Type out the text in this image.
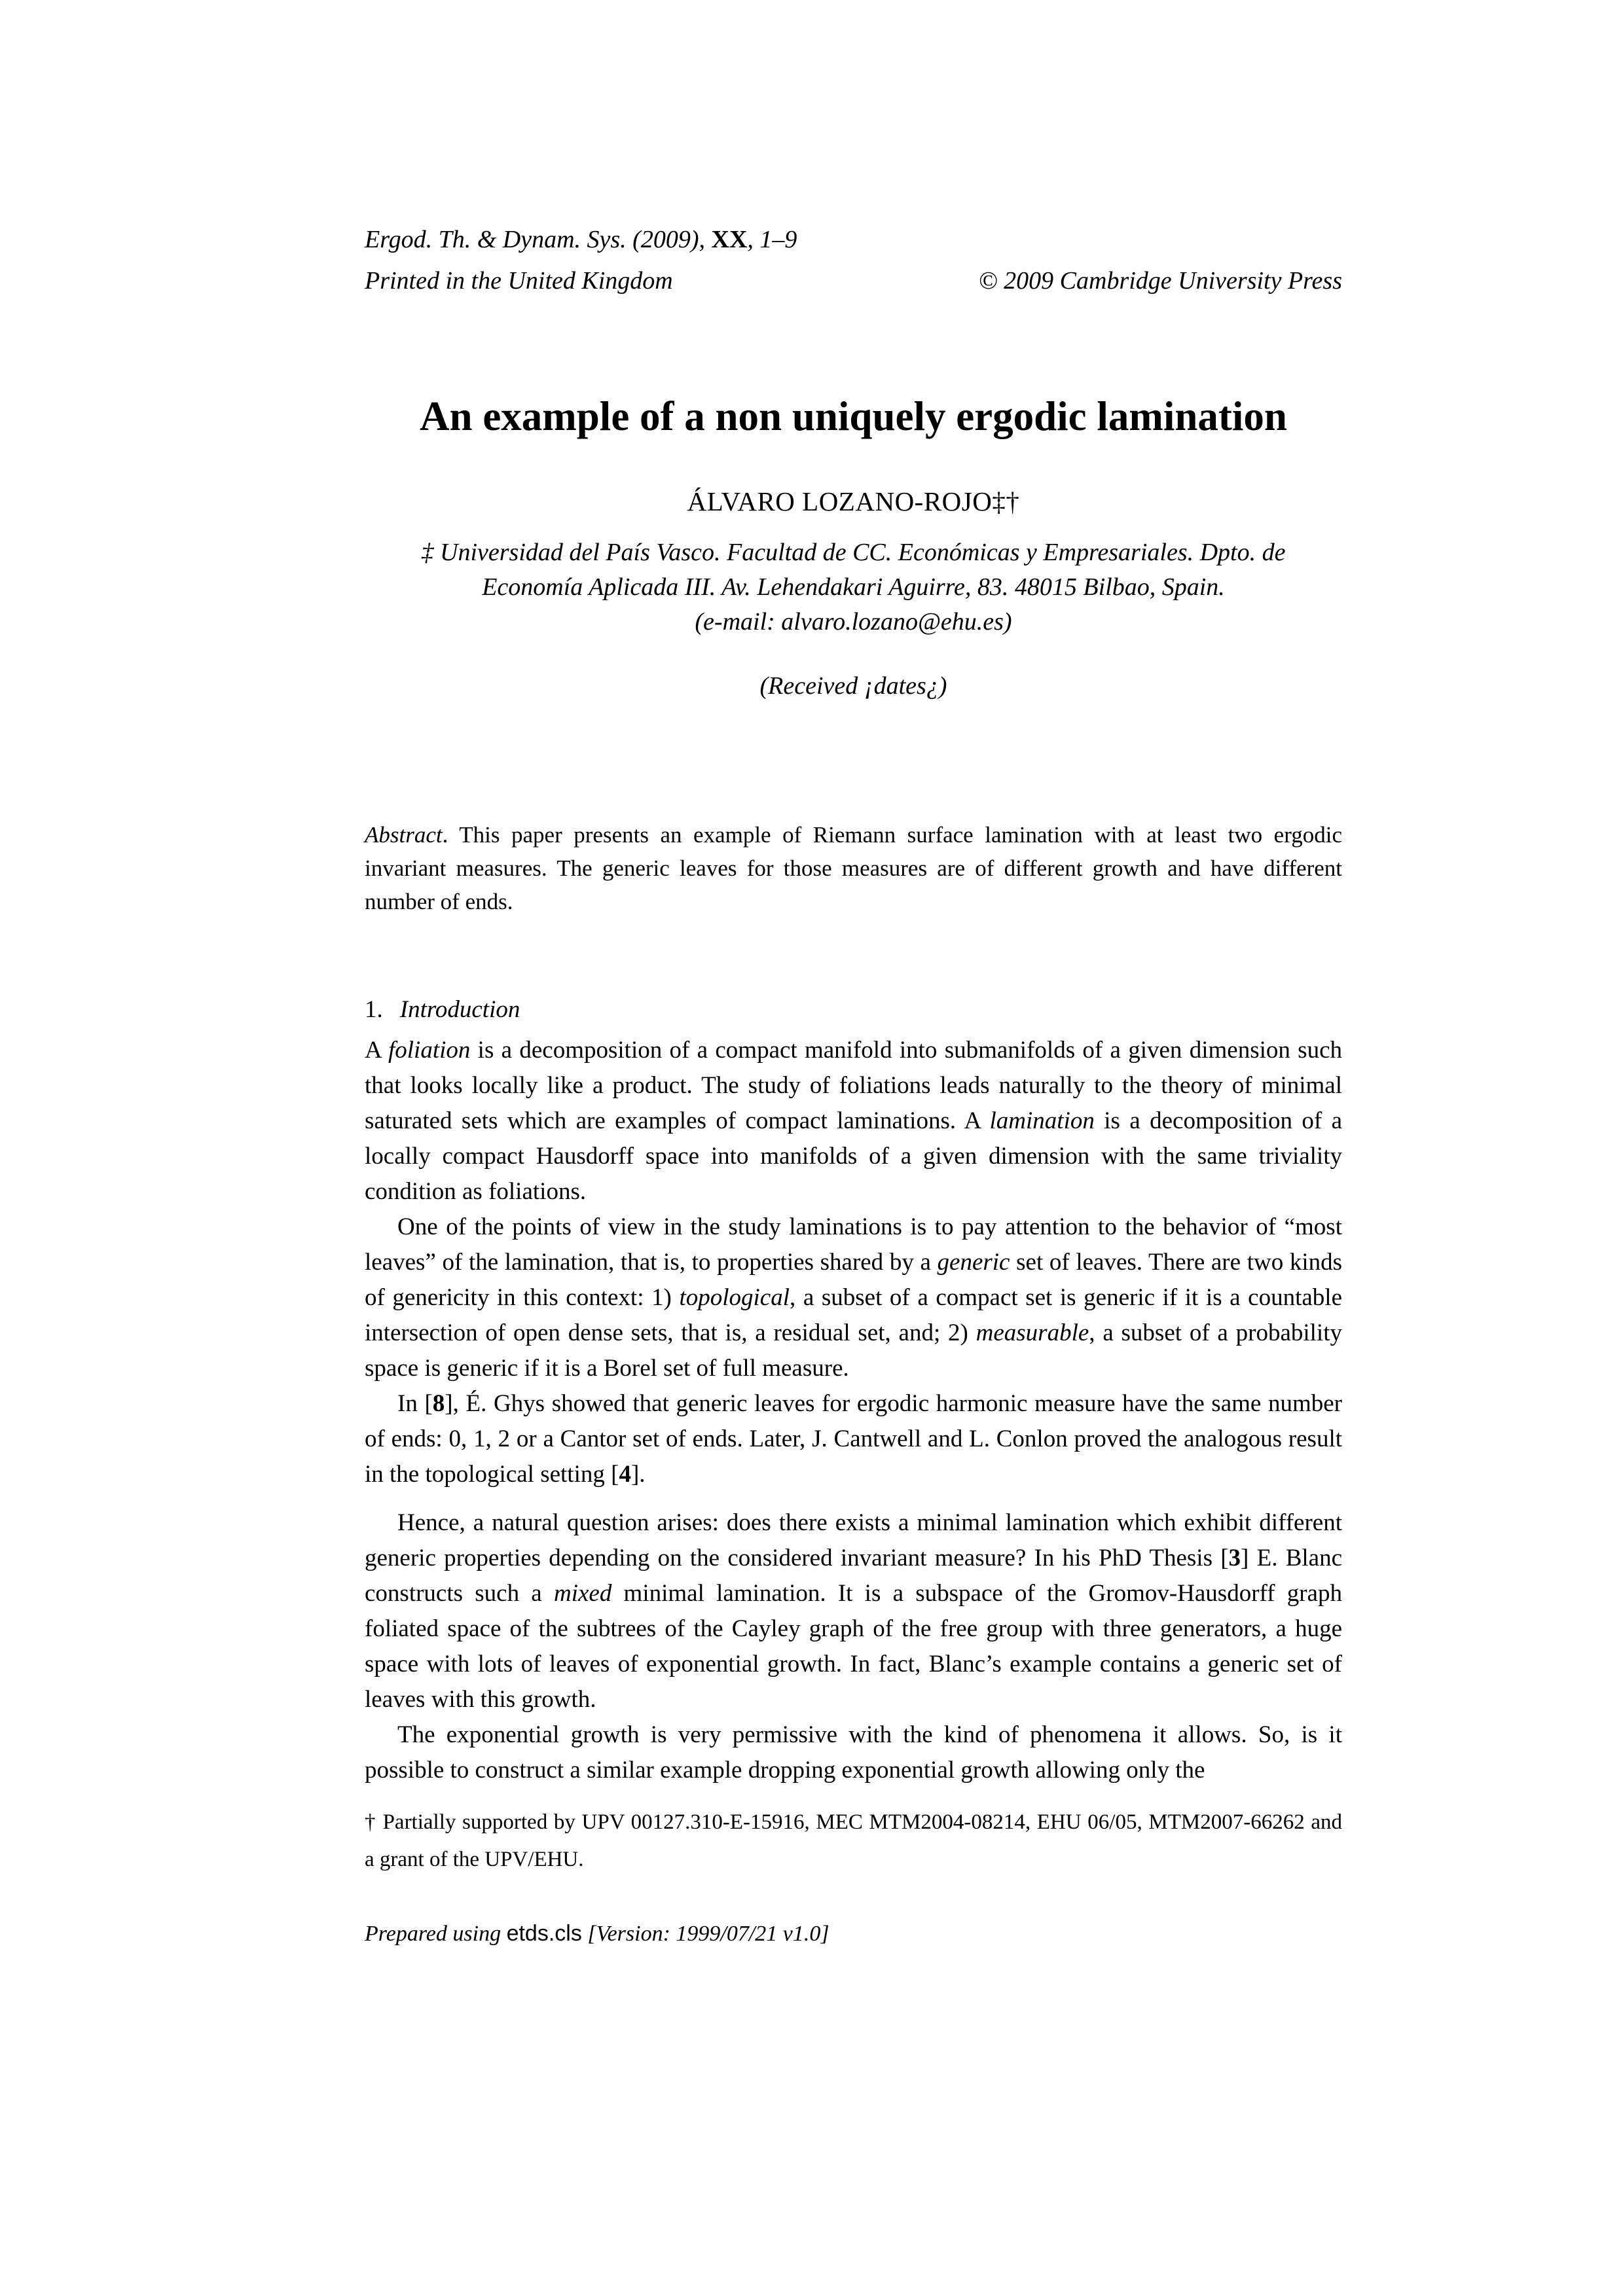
Ergod. Th. & Dynam. Sys. (2009), XX, 1–9
Printed in the United Kingdom	© 2009 Cambridge University Press
An example of a non uniquely ergodic lamination
ÁLVARO LOZANO-ROJO‡†
‡ Universidad del País Vasco. Facultad de CC. Económicas y Empresariales. Dpto. de
Economía Aplicada III. Av. Lehendakari Aguirre, 83. 48015 Bilbao, Spain.
(e-mail: alvaro.lozano@ehu.es)
(Received ¡dates¿)
Abstract. This paper presents an example of Riemann surface lamination with at least two ergodic invariant measures. The generic leaves for those measures are of different growth and have different number of ends.
1. Introduction

A foliation is a decomposition of a compact manifold into submanifolds of a given dimension such that looks locally like a product. The study of foliations leads naturally to the theory of minimal saturated sets which are examples of compact laminations. A lamination is a decomposition of a locally compact Hausdorff space into manifolds of a given dimension with the same triviality condition as foliations.

One of the points of view in the study laminations is to pay attention to the behavior of “most leaves” of the lamination, that is, to properties shared by a generic set of leaves. There are two kinds of genericity in this context: 1) topological, a subset of a compact set is generic if it is a countable intersection of open dense sets, that is, a residual set, and; 2) measurable, a subset of a probability space is generic if it is a Borel set of full measure.

In [8], É. Ghys showed that generic leaves for ergodic harmonic measure have the same number of ends: 0, 1, 2 or a Cantor set of ends. Later, J. Cantwell and L. Conlon proved the analogous result in the topological setting [4].

Hence, a natural question arises: does there exists a minimal lamination which exhibit different generic properties depending on the considered invariant measure? In his PhD Thesis [3] E. Blanc constructs such a mixed minimal lamination. It is a subspace of the Gromov-Hausdorff graph foliated space of the subtrees of the Cayley graph of the free group with three generators, a huge space with lots of leaves of exponential growth. In fact, Blanc’s example contains a generic set of leaves with this growth.

The exponential growth is very permissive with the kind of phenomena it allows. So, is it possible to construct a similar example dropping exponential growth allowing only the

† Partially supported by UPV 00127.310-E-15916, MEC MTM2004-08214, EHU 06/05, MTM2007-66262 and a grant of the UPV/EHU.
Prepared using etds.cls [Version: 1999/07/21 v1.0]
